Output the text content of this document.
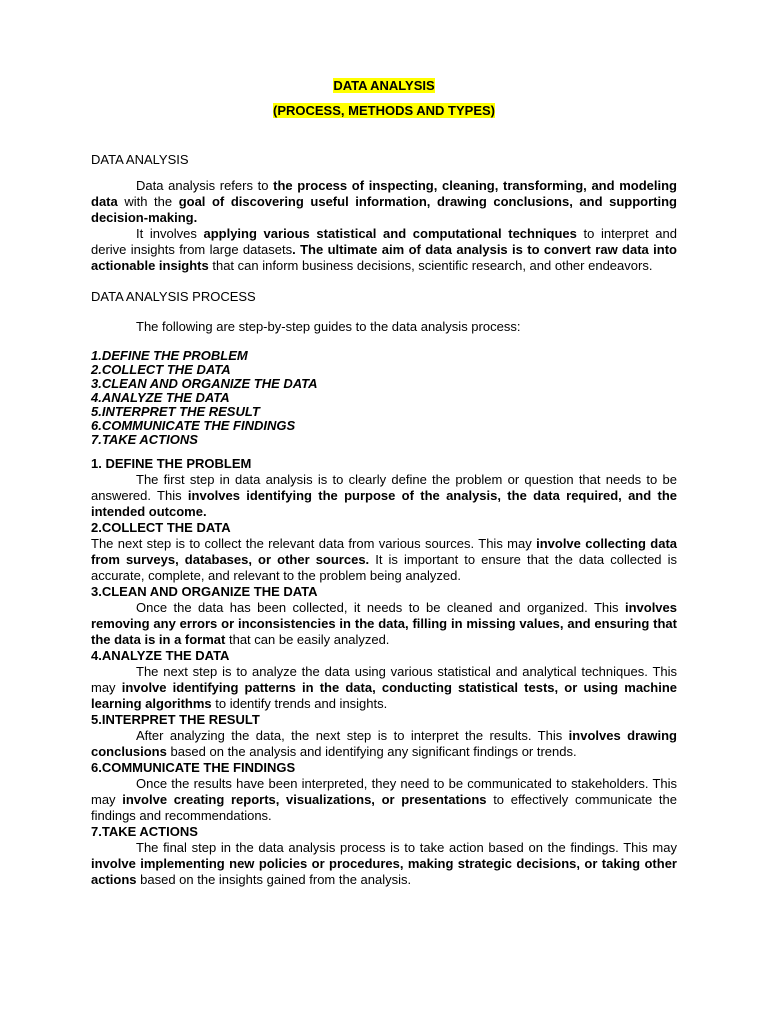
DATA ANALYSIS
(PROCESS, METHODS AND TYPES)
DATA ANALYSIS

Data analysis refers to the process of inspecting, cleaning, transforming, and modeling data with the goal of discovering useful information, drawing conclusions, and supporting decision-making.

It involves applying various statistical and computational techniques to interpret and derive insights from large datasets. The ultimate aim of data analysis is to convert raw data into actionable insights that can inform business decisions, scientific research, and other endeavors.

DATA ANALYSIS PROCESS

The following are step-by-step guides to the data analysis process:

1.DEFINE THE PROBLEM
2.COLLECT THE DATA
3.CLEAN AND ORGANIZE THE DATA
4.ANALYZE THE DATA
5.INTERPRET THE RESULT
6.COMMUNICATE THE FINDINGS
7.TAKE ACTIONS
1. DEFINE THE PROBLEM

The first step in data analysis is to clearly define the problem or question that needs to be answered. This involves identifying the purpose of the analysis, the data required, and the intended outcome.

2.COLLECT THE DATA

The next step is to collect the relevant data from various sources. This may involve collecting data from surveys, databases, or other sources. It is important to ensure that the data collected is accurate, complete, and relevant to the problem being analyzed.

3.CLEAN AND ORGANIZE THE DATA

Once the data has been collected, it needs to be cleaned and organized. This involves removing any errors or inconsistencies in the data, filling in missing values, and ensuring that the data is in a format that can be easily analyzed.

4.ANALYZE THE DATA

The next step is to analyze the data using various statistical and analytical techniques. This may involve identifying patterns in the data, conducting statistical tests, or using machine learning algorithms to identify trends and insights.

5.INTERPRET THE RESULT

After analyzing the data, the next step is to interpret the results. This involves drawing conclusions based on the analysis and identifying any significant findings or trends.

6.COMMUNICATE THE FINDINGS

Once the results have been interpreted, they need to be communicated to stakeholders. This may involve creating reports, visualizations, or presentations to effectively communicate the findings and recommendations.

7.TAKE ACTIONS

The final step in the data analysis process is to take action based on the findings. This may involve implementing new policies or procedures, making strategic decisions, or taking other actions based on the insights gained from the analysis.
